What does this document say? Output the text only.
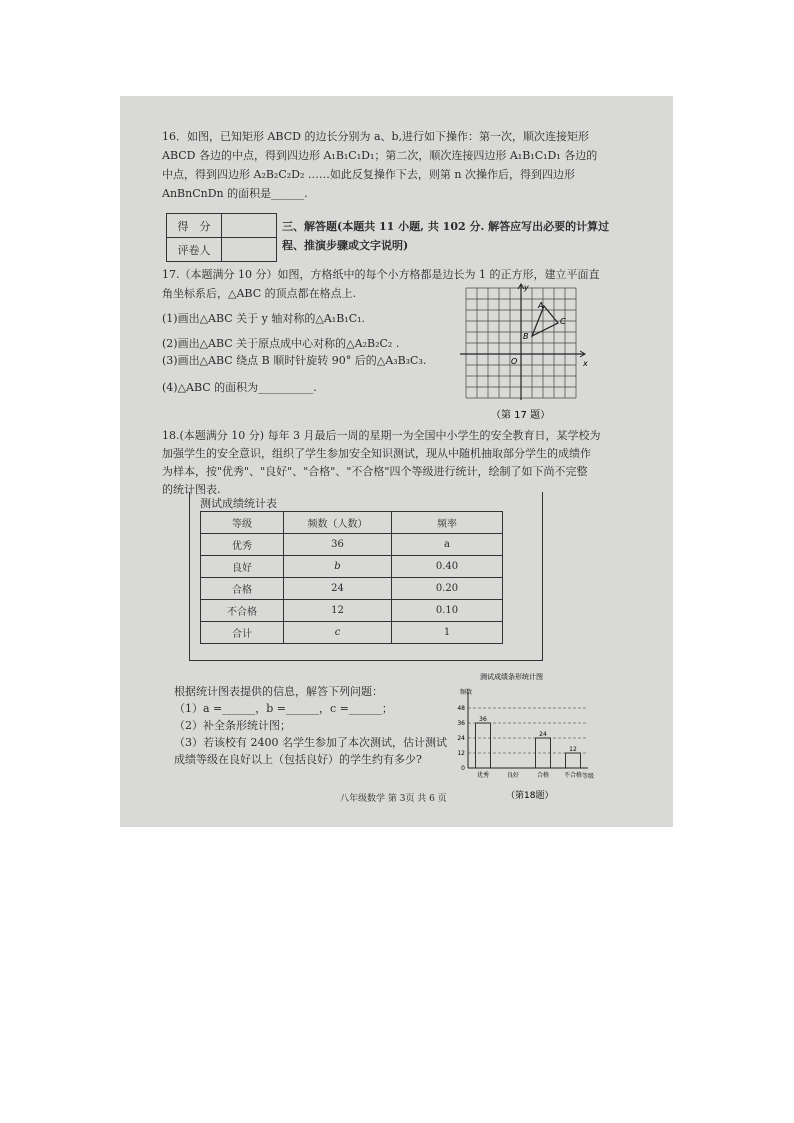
16．如图，已知矩形 ABCD 的边长分别为 a、b,进行如下操作：第一次，顺次连接矩形
ABCD 各边的中点，得到四边形 A₁B₁C₁D₁；第二次，顺次连接四边形 A₁B₁C₁D₁ 各边的
中点，得到四边形 A₂B₂C₂D₂ ……如此反复操作下去，则第 n 次操作后，得到四边形
AnBnCnDn 的面积是______.
得　分	
评卷人	
三、解答题(本题共 11 小题, 共 102 分. 解答应写出必要的计算过
程、推演步骤或文字说明)
17.（本题满分 10 分）如图，方格纸中的每个小方格都是边长为 1 的正方形，建立平面直
角坐标系后，△ABC 的顶点都在格点上.
(1)画出△ABC 关于 y 轴对称的△A₁B₁C₁.
(2)画出△ABC 关于原点成中心对称的△A₂B₂C₂ .
(3)画出△ABC 绕点 B 顺时针旋转 90° 后的△A₃B₃C₃.
(4)△ABC 的面积为__________.
x
y
O
A
B
C
（第 17 题）
18.(本题满分 10 分) 每年 3 月最后一周的星期一为全国中小学生的安全教育日，某学校为
加强学生的安全意识，组织了学生参加安全知识测试，现从中随机抽取部分学生的成绩作
为样本，按"优秀"、"良好"、"合格"、"不合格"四个等级进行统计，绘制了如下尚不完整
的统计图表.
测试成绩统计表
等级	频数（人数）	频率
优秀	36	a
良好	b	0.40
合格	24	0.20
不合格	12	0.10
合计	c	1
根据统计图表提供的信息，解答下列问题：
（1）a =______，b =______，c =______；
（2）补全条形统计图；
（3）若该校有 2400 名学生参加了本次测试，估计测试
成绩等级在良好以上（包括良好）的学生约有多少?
测试成绩条形统计图
频数
等级
0
12
24
36
48
36
优秀	良好
24
合格
12
不合格
（第18题）
八年级数学 第 3页 共 6 页
